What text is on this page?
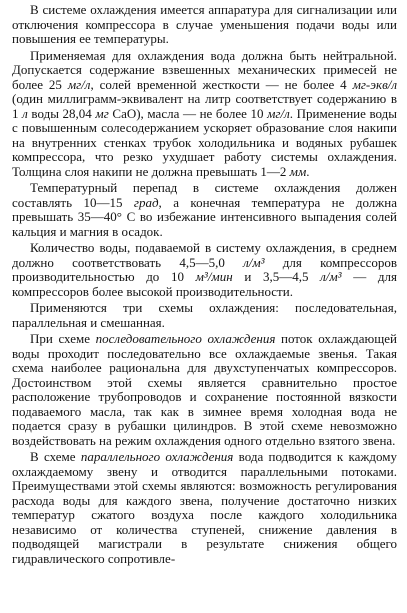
В системе охлаждения имеется аппаратура для сигнализации или отключения компрессора в случае уменьшения подачи воды или повышения ее температуры.

Применяемая для охлаждения вода должна быть нейтральной. Допускается содержание взвешенных механических примесей не более 25 мг/л, солей временной жесткости — не более 4 мг-экв/л (один миллиграмм-эквивалент на литр соответствует содержанию в 1 л воды 28,04 мг CaO), масла — не более 10 мг/л. Применение воды с повышенным солесодержанием ускоряет образование слоя накипи на внутренних стенках трубок холодильника и водяных рубашек компрессора, что резко ухудшает работу системы охлаждения. Толщина слоя накипи не должна превышать 1—2 мм.

Температурный перепад в системе охлаждения должен составлять 10—15 град, а конечная температура не должна превышать 35—40° C во избежание интенсивного выпадения солей кальция и магния в осадок.

Количество воды, подаваемой в систему охлаждения, в среднем должно соответствовать 4,5—5,0 л/м³ для компрессоров производительностью до 10 м³/мин и 3,5—4,5 л/м³ — для компрессоров более высокой производительности.

Применяются три схемы охлаждения: последовательная, параллельная и смешанная.

При схеме последовательного охлаждения поток охлаждающей воды проходит последовательно все охлаждаемые звенья. Такая схема наиболее рациональна для двухступенчатых компрессоров. Достоинством этой схемы является сравнительно простое расположение трубопроводов и сохранение постоянной вязкости подаваемого масла, так как в зимнее время холодная вода не подается сразу в рубашки цилиндров. В этой схеме невозможно воздействовать на режим охлаждения одного отдельно взятого звена.

В схеме параллельного охлаждения вода подводится к каждому охлаждаемому звену и отводится параллельными потоками. Преимуществами этой схемы являются: возможность регулирования расхода воды для каждого звена, получение достаточно низких температур сжатого воздуха после каждого холодильника независимо от количества ступеней, снижение давления в подводящей магистрали в результате снижения общего гидравлического сопротивле-
